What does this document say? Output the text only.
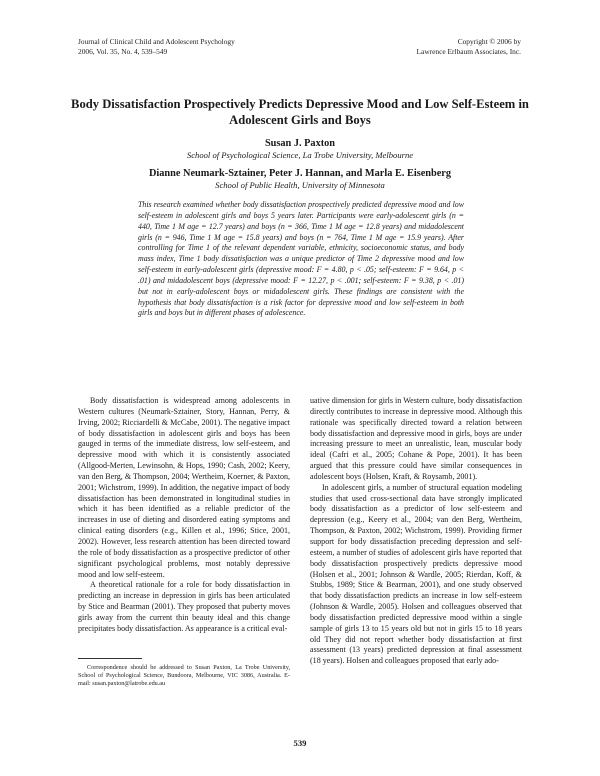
Journal of Clinical Child and Adolescent Psychology
2006, Vol. 35, No. 4, 539–549
Copyright © 2006 by
Lawrence Erlbaum Associates, Inc.
Body Dissatisfaction Prospectively Predicts Depressive Mood and Low Self-Esteem in Adolescent Girls and Boys
Susan J. Paxton
School of Psychological Science, La Trobe University, Melbourne
Dianne Neumark-Sztainer, Peter J. Hannan, and Marla E. Eisenberg
School of Public Health, University of Minnesota

This research examined whether body dissatisfaction prospectively predicted depressive mood and low self-esteem in adolescent girls and boys 5 years later. Participants were early-adolescent girls (n = 440, Time 1 M age = 12.7 years) and boys (n = 366, Time 1 M age = 12.8 years) and midadolescent girls (n = 946, Time 1 M age = 15.8 years) and boys (n = 764, Time 1 M age = 15.9 years). After controlling for Time 1 of the relevant dependent variable, ethnicity, socioeconomic status, and body mass index, Time 1 body dissatisfaction was a unique predictor of Time 2 depressive mood and low self-esteem in early-adolescent girls (depressive mood: F = 4.80, p < .05; self-esteem: F = 9.64, p < .01) and midadolescent boys (depressive mood: F = 12.27, p < .001; self-esteem: F = 9.38, p < .01) but not in early-adolescent boys or midadolescent girls. These findings are consistent with the hypothesis that body dissatisfaction is a risk factor for depressive mood and low self-esteem in both girls and boys but in different phases of adolescence.

Body dissatisfaction is widespread among adolescents in Western cultures (Neumark-Sztainer, Story, Hannan, Perry, & Irving, 2002; Ricciardelli & McCabe, 2001). The negative impact of body dissatisfaction in adolescent girls and boys has been gauged in terms of the immediate distress, low self-esteem, and depressive mood with which it is consistently associated (Allgood-Merten, Lewinsohn, & Hops, 1990; Cash, 2002; Keery, van den Berg, & Thompson, 2004; Wertheim, Koerner, & Paxton, 2001; Wichstrom, 1999). In addition, the negative impact of body dissatisfaction has been demonstrated in longitudinal studies in which it has been identified as a reliable predictor of the increases in use of dieting and disordered eating symptoms and clinical eating disorders (e.g., Killen et al., 1996; Stice, 2001, 2002). However, less research attention has been directed toward the role of body dissatisfaction as a prospective predictor of other significant psychological problems, most notably depressive mood and low self-esteem.

A theoretical rationale for a role for body dissatisfaction in predicting an increase in depression in girls has been articulated by Stice and Bearman (2001). They proposed that puberty moves girls away from the current thin beauty ideal and this change precipitates body dissatisfaction. As appearance is a critical eval-

uative dimension for girls in Western culture, body dissatisfaction directly contributes to increase in depressive mood. Although this rationale was specifically directed toward a relation between body dissatisfaction and depressive mood in girls, boys are under increasing pressure to meet an unrealistic, lean, muscular body ideal (Cafri et al., 2005; Cohane & Pope, 2001). It has been argued that this pressure could have similar consequences in adolescent boys (Holsen, Kraft, & Roysamb, 2001).

In adolescent girls, a number of structural equation modeling studies that used cross-sectional data have strongly implicated body dissatisfaction as a predictor of low self-esteem and depression (e.g., Keery et al., 2004; van den Berg, Wertheim, Thompson, & Paxton, 2002; Wichstrom, 1999). Providing firmer support for body dissatisfaction preceding depression and self-esteem, a number of studies of adolescent girls have reported that body dissatisfaction prospectively predicts depressive mood (Holsen et al., 2001; Johnson & Wardle, 2005; Rierdan, Koff, & Stubbs, 1989; Stice & Bearman, 2001), and one study observed that body dissatisfaction predicts an increase in low self-esteem (Johnson & Wardle, 2005). Holsen and colleagues observed that body dissatisfaction predicted depressive mood within a single sample of girls 13 to 15 years old but not in girls 15 to 18 years old They did not report whether body dissatisfaction at first assessment (13 years) predicted depression at final assessment (18 years). Holsen and colleagues proposed that early ado-

Correspondence should be addressed to Susan Paxton, La Trobe University, School of Psychological Science, Bundoora, Melbourne, VIC 3086, Australia. E-mail: susan.paxton@latrobe.edu.au

539
